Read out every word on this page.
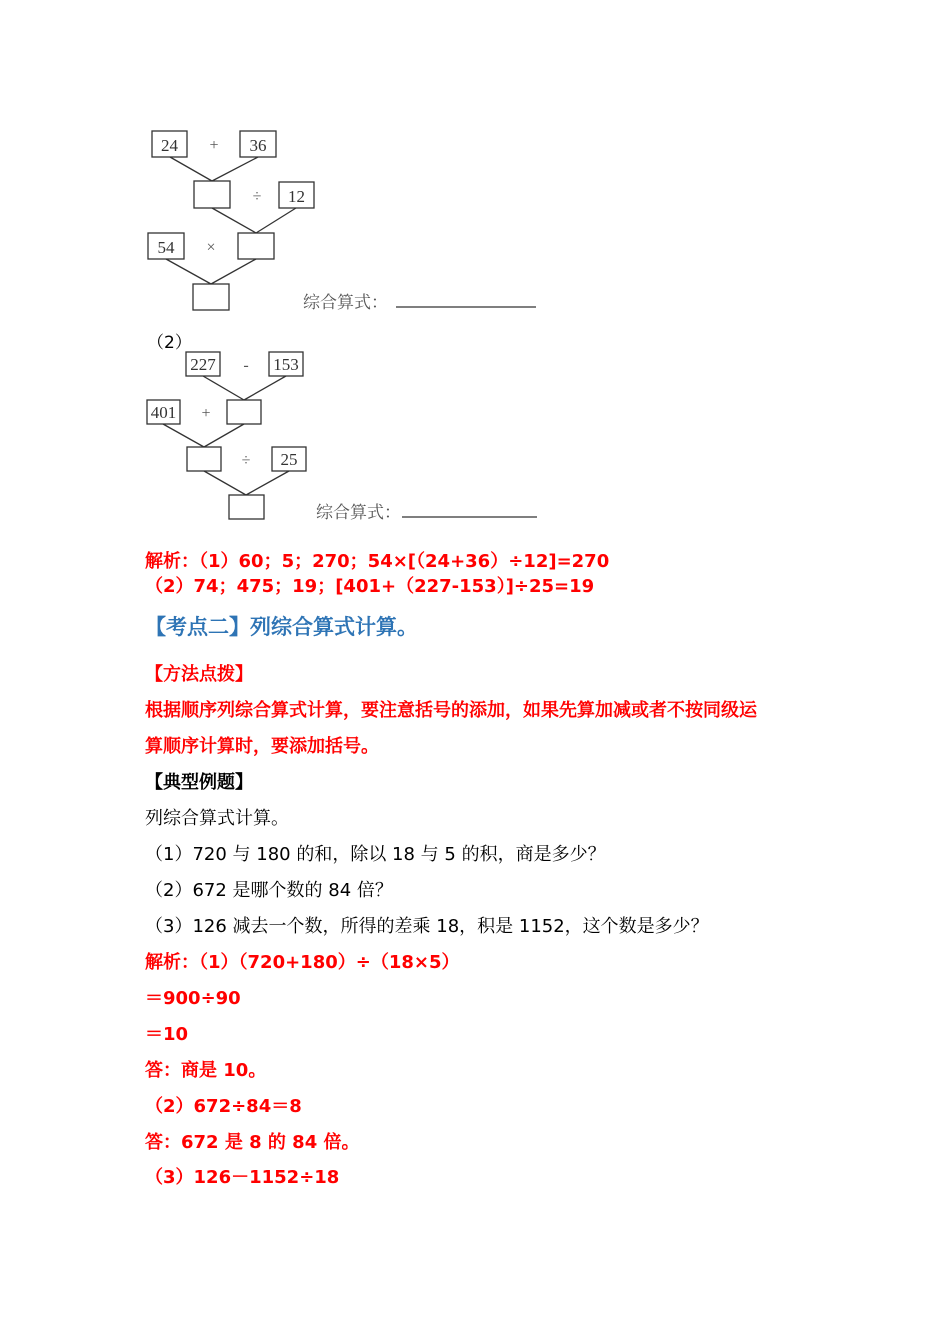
24 + 36
÷ 12
54 ×
227 - 153
401 +
÷ 25
综合算式：
（2）
综合算式：
解析：（1）60；5；270；54×[（24+36）÷12]=270
（2）74；475；19；[401+（227-153）]÷25=19
【考点二】列综合算式计算。
【方法点拨】
根据顺序列综合算式计算，要注意括号的添加，如果先算加减或者不按同级运
算顺序计算时，要添加括号。
【典型例题】
列综合算式计算。
（1）720 与 180 的和，除以 18 与 5 的积，商是多少？
（2）672 是哪个数的 84 倍？
（3）126 减去一个数，所得的差乘 18，积是 1152，这个数是多少？
解析：（1）（720+180）÷（18×5）
＝900÷90
＝10
答：商是 10。
（2）672÷84＝8
答：672 是 8 的 84 倍。
（3）126－1152÷18
